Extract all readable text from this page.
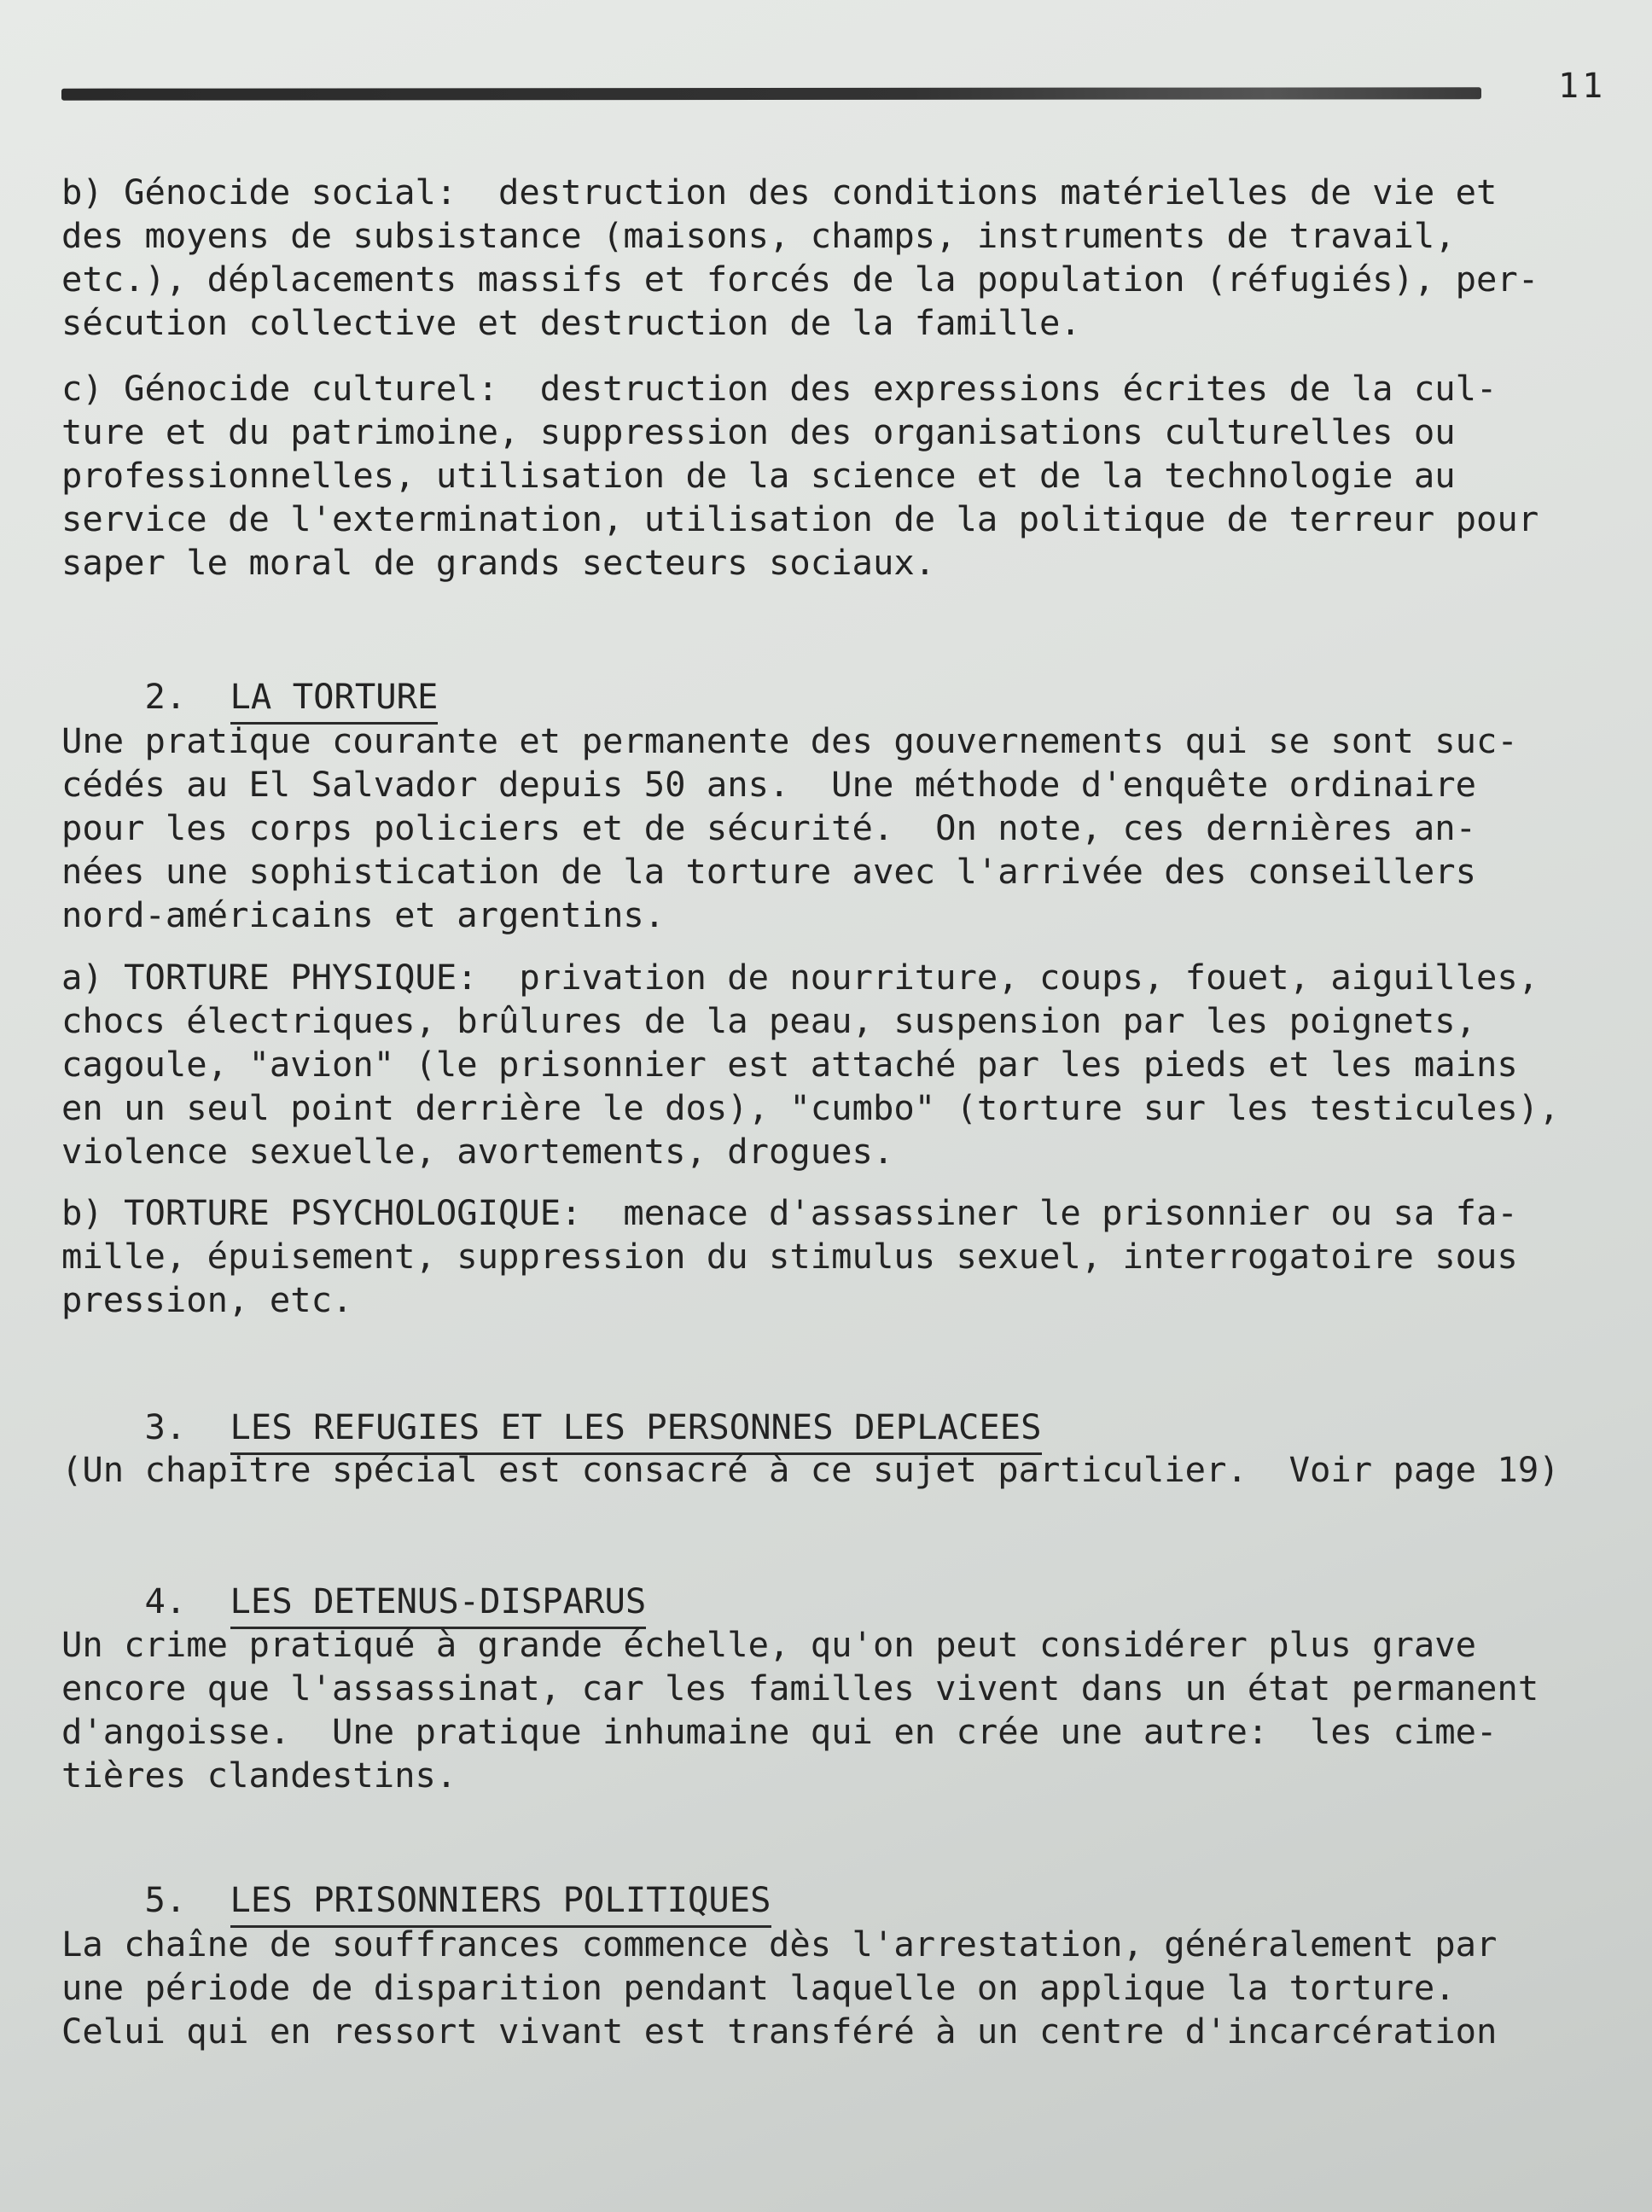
11
b) Génocide social:  destruction des conditions matérielles de vie et
des moyens de subsistance (maisons, champs, instruments de travail,
etc.), déplacements massifs et forcés de la population (réfugiés), per-
sécution collective et destruction de la famille.
c) Génocide culturel:  destruction des expressions écrites de la cul-
ture et du patrimoine, suppression des organisations culturelles ou
professionnelles, utilisation de la science et de la technologie au
service de l'extermination, utilisation de la politique de terreur pour
saper le moral de grands secteurs sociaux.

2. LA TORTURE

Une pratique courante et permanente des gouvernements qui se sont suc-
cédés au El Salvador depuis 50 ans.  Une méthode d'enquête ordinaire
pour les corps policiers et de sécurité.  On note, ces dernières an-
nées une sophistication de la torture avec l'arrivée des conseillers
nord-américains et argentins.
a) TORTURE PHYSIQUE:  privation de nourriture, coups, fouet, aiguilles,
chocs électriques, brûlures de la peau, suspension par les poignets,
cagoule, "avion" (le prisonnier est attaché par les pieds et les mains
en un seul point derrière le dos), "cumbo" (torture sur les testicules),
violence sexuelle, avortements, drogues.
b) TORTURE PSYCHOLOGIQUE:  menace d'assassiner le prisonnier ou sa fa-
mille, épuisement, suppression du stimulus sexuel, interrogatoire sous
pression, etc.

3. LES REFUGIES ET LES PERSONNES DEPLACEES

(Un chapitre spécial est consacré à ce sujet particulier.  Voir page 19)

4. LES DETENUS-DISPARUS

Un crime pratiqué à grande échelle, qu'on peut considérer plus grave
encore que l'assassinat, car les familles vivent dans un état permanent
d'angoisse.  Une pratique inhumaine qui en crée une autre:  les cime-
tières clandestins.

5. LES PRISONNIERS POLITIQUES

La chaîne de souffrances commence dès l'arrestation, généralement par
une période de disparition pendant laquelle on applique la torture.
Celui qui en ressort vivant est transféré à un centre d'incarcération
